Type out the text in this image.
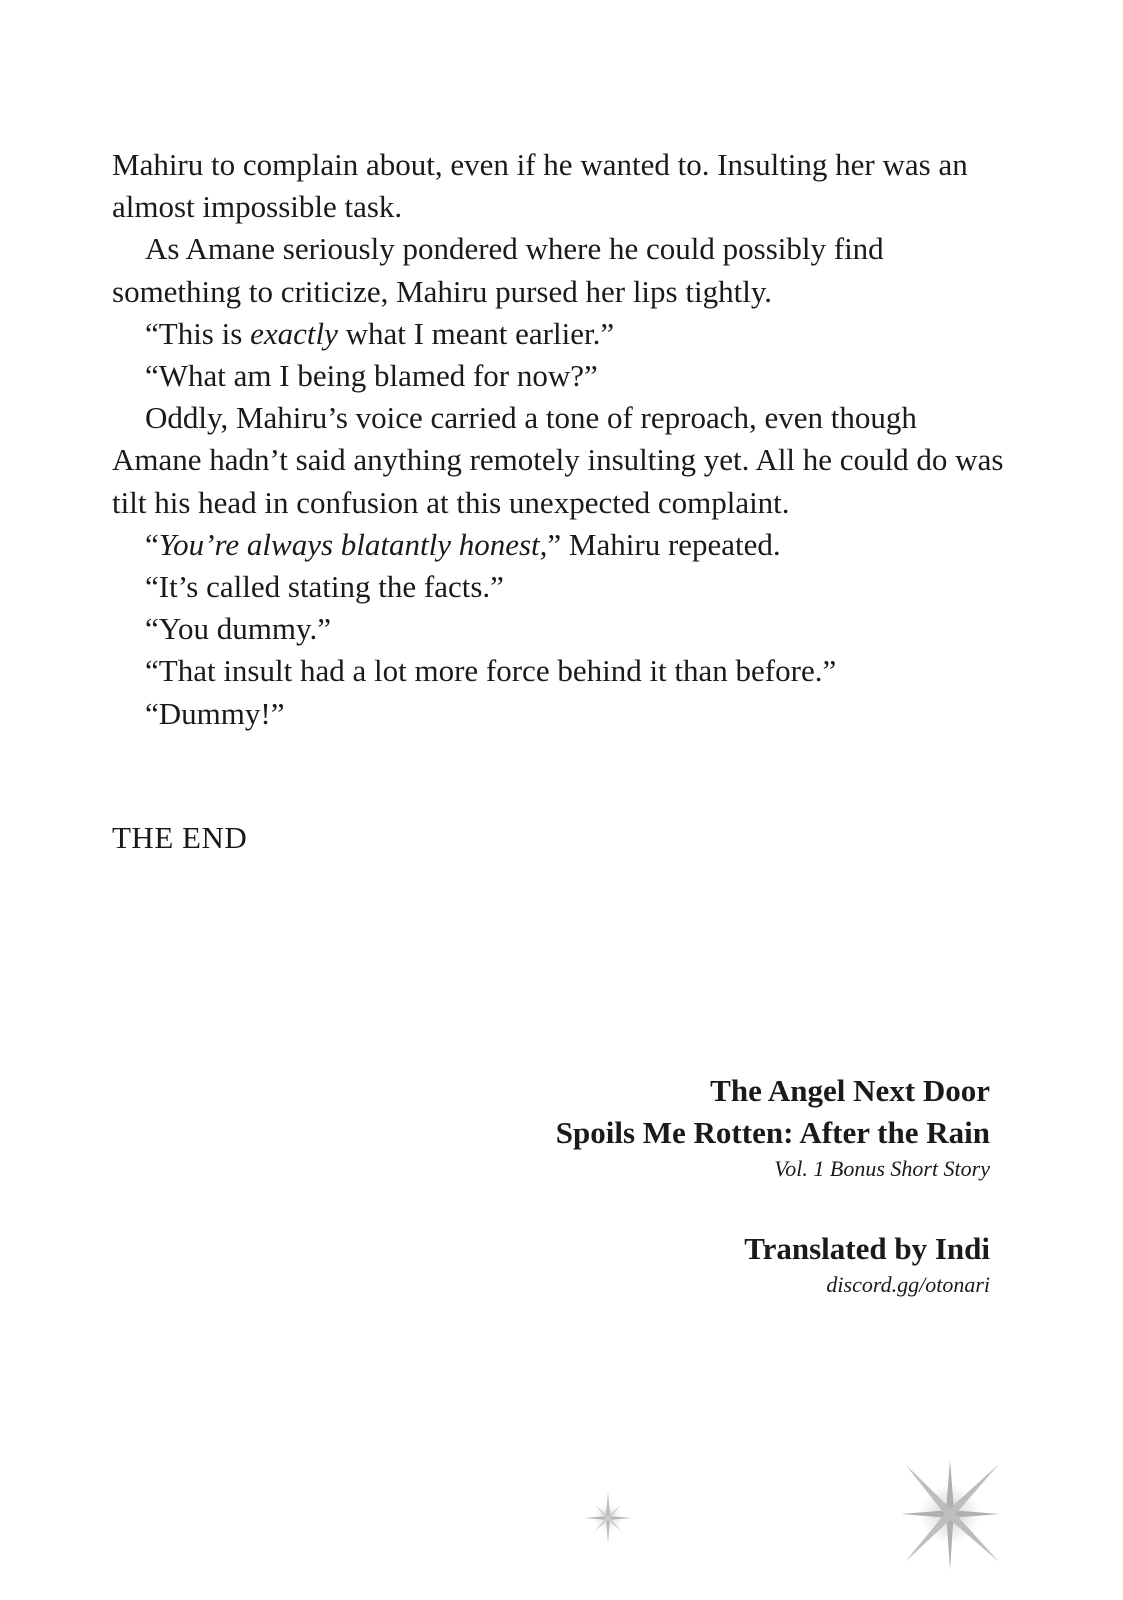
Mahiru to complain about, even if he wanted to. Insulting her was an almost impossible task.

As Amane seriously pondered where he could possibly find something to criticize, Mahiru pursed her lips tightly.

“This is exactly what I meant earlier.”

“What am I being blamed for now?”

Oddly, Mahiru’s voice carried a tone of reproach, even though Amane hadn’t said anything remotely insulting yet. All he could do was tilt his head in confusion at this unexpected complaint.

“You’re always blatantly honest,” Mahiru repeated.

“It’s called stating the facts.”

“You dummy.”

“That insult had a lot more force behind it than before.”

“Dummy!”

THE END
The Angel Next Door
Spoils Me Rotten: After the Rain
Vol. 1 Bonus Short Story
Translated by Indi
discord.gg/otonari
